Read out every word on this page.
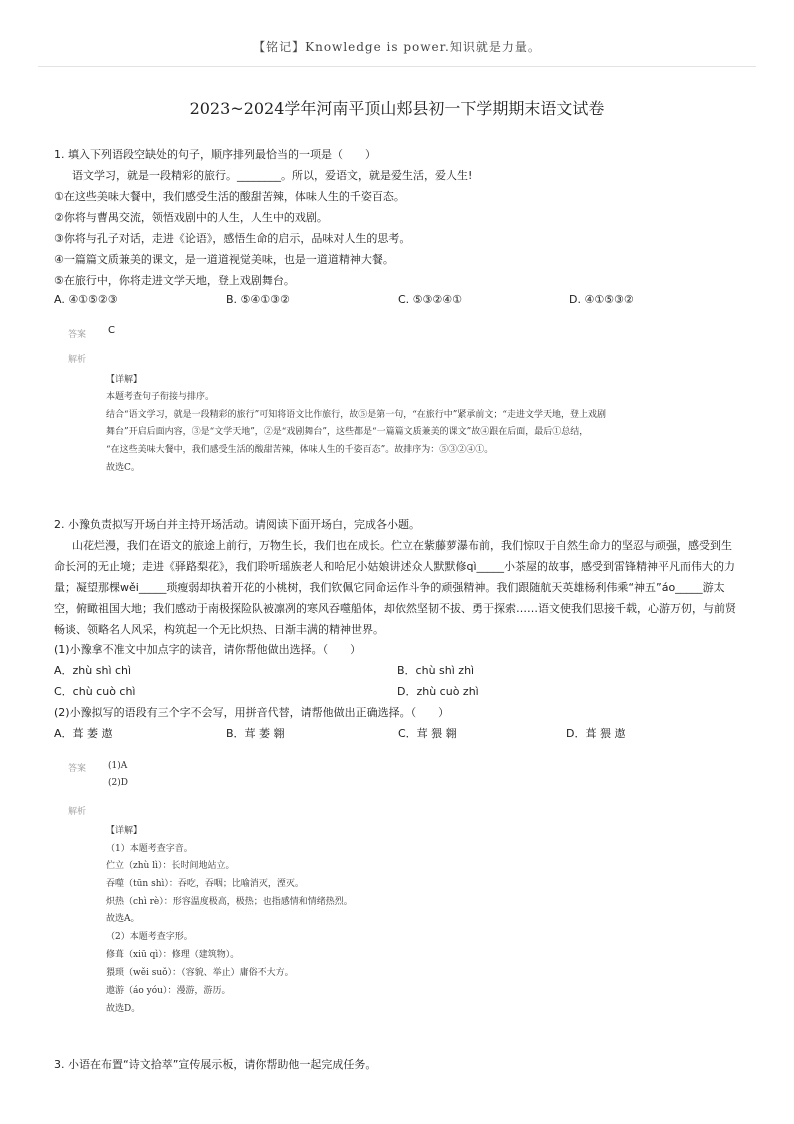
【铭记】Knowledge is power.知识就是力量。
2023~2024学年河南平顶山郏县初一下学期期末语文试卷
1. 填入下列语段空缺处的句子，顺序排列最恰当的一项是（　　）
语文学习，就是一段精彩的旅行。________。所以，爱语文，就是爱生活，爱人生!
①在这些美味大餐中，我们感受生活的酸甜苦辣，体味人生的千姿百态。
②你将与曹禺交流，领悟戏剧中的人生，人生中的戏剧。
③你将与孔子对话，走进《论语》，感悟生命的启示，品味对人生的思考。
④一篇篇文质兼美的课文，是一道道视觉美味，也是一道道精神大餐。
⑤在旅行中，你将走进文学天地，登上戏剧舞台。
A. ④①⑤②③	B. ⑤④①③②	C. ⑤③②④①	D. ④①⑤③②
答案 C
解析
【详解】
本题考查句子衔接与排序。
结合“语文学习，就是一段精彩的旅行”可知将语文比作旅行，故⑤是第一句，“在旅行中”紧承前文；“走进文学天地，登上戏剧
舞台”开启后面内容，③是“文学天地”，②是“戏剧舞台”，这些都是“一篇篇文质兼美的课文”故④跟在后面，最后①总结，
“在这些美味大餐中，我们感受生活的酸甜苦辣，体味人生的千姿百态”。故排序为：⑤③②④①。
故选C。
2. 小豫负责拟写开场白并主持开场活动。请阅读下面开场白，完成各小题。
山花烂漫，我们在语文的旅途上前行，万物生长，我们也在成长。伫立在紫藤萝瀑布前，我们惊叹于自然生命力的坚忍与顽强，感受到生
命长河的无止境；走进《驿路梨花》，我们聆听瑶族老人和哈尼小姑娘讲述众人默默修qì_____小茶屋的故事，感受到雷锋精神平凡而伟大的力
量；凝望那棵wěi_____琐瘦弱却执着开花的小桃树，我们钦佩它同命运作斗争的顽强精神。我们跟随航天英雄杨利伟乘“神五”áo_____游太
空，俯瞰祖国大地；我们感动于南极探险队被凛冽的寒风吞噬船体，却依然坚韧不拔、勇于探索……语文使我们思接千载，心游万仞，与前贤
畅谈、领略名人风采，构筑起一个无比炽热、日渐丰满的精神世界。
(1)小豫拿不准文中加点字的读音，请你帮他做出选择。（　　）
A．zhù shì chì	B．chù shì zhì
C．chù cuò chì	D．zhù cuò zhì
(2)小豫拟写的语段有三个字不会写，用拼音代替，请帮他做出正确选择。（　　）
A．葺 萎 遨	B．茸 萎 翱	C．茸 猥 翱	D．葺 猥 遨
答案 (1)A
(2)D
解析
【详解】
（1）本题考查字音。
伫立（zhù lì）：长时间地站立。
吞噬（tūn shì）：吞吃，吞咽；比喻消灭，湮灭。
炽热（chì rè）：形容温度极高，极热；也指感情和情绪热烈。
故选A。
（2）本题考查字形。
修葺（xiū qì）：修理（建筑物）。
猥琐（wěi suǒ）：（容貌、举止）庸俗不大方。
遨游（áo yóu）：漫游，游历。
故选D。
3. 小语在布置“诗文拾萃”宣传展示板，请你帮助他一起完成任务。
